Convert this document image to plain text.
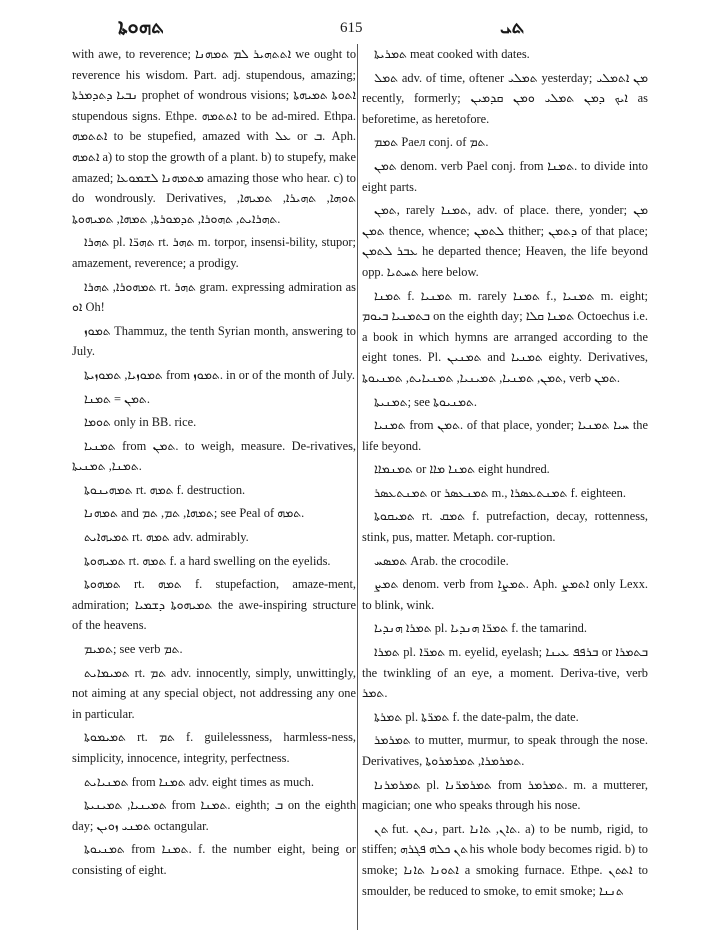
ܬܗܘܬܐ	615	ܬܝ

with awe, to reverence; ܐܬܬܗܝܪ ܠܡ ܬܡܗܢܐ we ought to reverence his wisdom. Part. adj. stupendous, amazing; ܢܒܝܐ ܕܬܕܡܪܬܐ prophet of wondrous visions; ܐܬܘܬܐ ܬܡܝܗܬܐ stupendous signs. Ethpe. ܐܬܬܡܗ to be ad-mired. Ethpa. ܐܬܬܡܗ to be stupefied, amazed with ܥܠ or ܒ. Aph. ܐܬܡܗ a) to stop the growth of a plant. b) to stupefy, make amazed; ܡܬܡܗܢܐ ܠܫܡܘܥܐ amazing those who hear. c) to do wondrously. Derivatives, ܬܘܗܐ, ܬܗܝܪܐ, ܬܡܝܗܐ, ܬܗܪܐܝܬ, ܬܗܘܪܐ, ܬܕܡܘܪܬܐ, ܬܡܗܐ, ܬܡܝܗܘܬܐ.

ܬܗܪܐ pl. ܬܗܪ̈ܐ rt. ܬܗܪ m. torpor, insensi-bility, stupor; amazement, reverence; a prodigy.

ܬܡܗܘܪܐ, ܬܗܪܐ rt. ܬܗܪ gram. expressing admiration as ܐܘ Oh!

ܬܡܘܙ Thammuz, the tenth Syrian month, answering to July.

ܬܡܘܙܝܐ, ܬܡܘܙܝܬܐ from ܬܡܘܙ. in or of the month of July.

ܬܡܢ = ܬܡܢܐ.

ܬܘܡܐ only in BB. rice.

ܬܡܢܝܐ from ܬܡܢ. to weigh, measure. De-rivatives, ܬܡܢܐ, ܬܡܢܝܬܐ.

ܬܡܗܝܢܘܬܐ rt. ܬܡܗ f. destruction.

ܬܡܗܢܐ and ܬܡܗܐ, ܬܡ, ܬܡ; see Peal of ܬܡܗ.

ܬܡܝܗܐܝܬ rt. ܬܡܗ adv. admirably.

ܬܡܝܗܘܬܐ rt. ܬܡܗ f. a hard swelling on the eyelids.

ܬܡܗܘܬܐ rt. ܬܡܗ f. stupefaction, amaze-ment, admiration; ܬܡܝܗܘܬܐ ܕܫܡܝܐ the awe-inspiring structure of the heavens.

ܬܡܝܡ; see verb ܬܡ.

ܬܡܝܡܐܝܬ rt. ܬܡ adv. innocently, simply, unwittingly, not aiming at any special object, not addressing any one in particular.

ܬܡܝܡܘܬܐ rt. ܬܡ f. guilelessness, harmless-ness, simplicity, innocence, integrity, perfectness.

ܬܡܢܝܐܝܬ from ܬܡܢܐ adv. eight times as much.

ܬܡܝܢܝܐ, ܬܡܝܢܝܬܐ from ܬܡܢܐ. eighth; ܒ on the eighth day; ܬܡܢܝ ܙܘܝܢ octangular.

ܬܡܢܝܘܬܐ from ܬܡܢܐ. f. the number eight, being or consisting of eight.

ܬܡܪܝܬܐ meat cooked with dates.

ܬܡܠ adv. of time, oftener ܬܡܠܝ yesterday; ܡܢ ܐܬܡܠܝ recently, formerly; ܐܝܟ ܕܡܢ ܬܡܠܝ ܘܡܢ ܩܕܡܝܢ as beforetime, as heretofore.

ܬܡܡ Paeл conj. of ܬܡ.

ܬܡܢ denom. verb Pael conj. from ܬܡܢܐ. to divide into eight parts.

ܬܡܢ, rarely ܬܡܢܐ, adv. of place. there, yonder; ܡܢ ܬܡܢ thence, whence; ܠܬܡܢ thither; ܕܬܡܢ of that place; ܥܒܪ ܠܬܡܢ he departed thence; Heaven, the life beyond opp. ܬܚܬܝܐ here below.

ܬܡܢܐ f. ܬܡܢܝܐ m. rarely ܬܡܢܐ f., ܬܡܢܝܐ m. eight; ܒܬܡܢܝܐ ܒܝܘܡ on the eighth day; ܬܡܢܐ ܩܠܐ Octoechus i.e. a book in which hymns are arranged according to the eight tones. Pl. ܬܡܢܝܢ and ܬܡܢܝܐ eighty. Derivatives, ܬܡܢ, ܬܡܢܝܐ, ܬܡܝܢܝܐ, ܬܡܢܝܐܝܬ, ܬܡܢܝܘܬܐ, verb ܬܡܢ.

ܬܡܢܝܬܐ; see ܬܡܢܝܘܬܐ.

ܬܡܢܝܐ from ܬܡܢ. of that place, yonder; ܚܝܐ ܬܡܢܝܐ the life beyond.

ܬܡܢܡܐܐ or ܬܡܢܐ ܡܐܐ eight hundred.

ܬܡܢܬܥܣܪ or ܬܡܢܥܣܪ m., ܬܡܢܬܥܣܪܐ f. eighteen.

ܬܡܝܩܘܬܐ rt. ܬܡܩ f. putrefaction, decay, rottenness, stink, pus, matter. Metaph. cor-ruption.

ܬܡܣܚ Arab. the crocodile.

ܬܡܨ denom. verb from ܬܡܨܐ. Aph. ܐܬܡܨ only Lexx. to blink, wink.

ܬܡܪܐ ܗܢܕܝܐ pl. ܬܡܪ̈ܐ ܗܢܕܝܐ f. the tamarind.

ܬܡܪܐ pl. ܬܡܪ̈ܐ m. eyelid, eyelash; ܒܪܦܦ ܥܝܢܐ or ܒܬܡܪܐ the twinkling of an eye, a moment. Deriva-tive, verb ܬܡܪ.

ܬܡܪܬܐ pl. ܬܡܪ̈ܬܐ f. the date-palm, the date.

ܬܡܪܡܪ to mutter, murmur, to speak through the nose. Derivatives, ܬܡܪܡܪܐ, ܬܡܪܡܪܘܬܐ.

ܬܡܪܡܪܢܐ pl. ܬܡܪܡܪ̈ܢܐ from ܬܡܪܡܪ. m. a mutterer, magician; one who speaks through his nose.

ܬܢ fut. ܢܬܢ, part. ܬܐܢ, ܬܐܢܐ. a) to be numb, rigid, to stiffen; ܬܢ ܟܠܗ ܦܓܪܗ his whole body becomes rigid. b) to smoke; ܐܬܘܢܐ ܬܐܢܐ a smoking furnace. Ethpe. ܐܬܬܢ to smoulder, be reduced to smoke, to emit smoke; ܬܢܢܐ
